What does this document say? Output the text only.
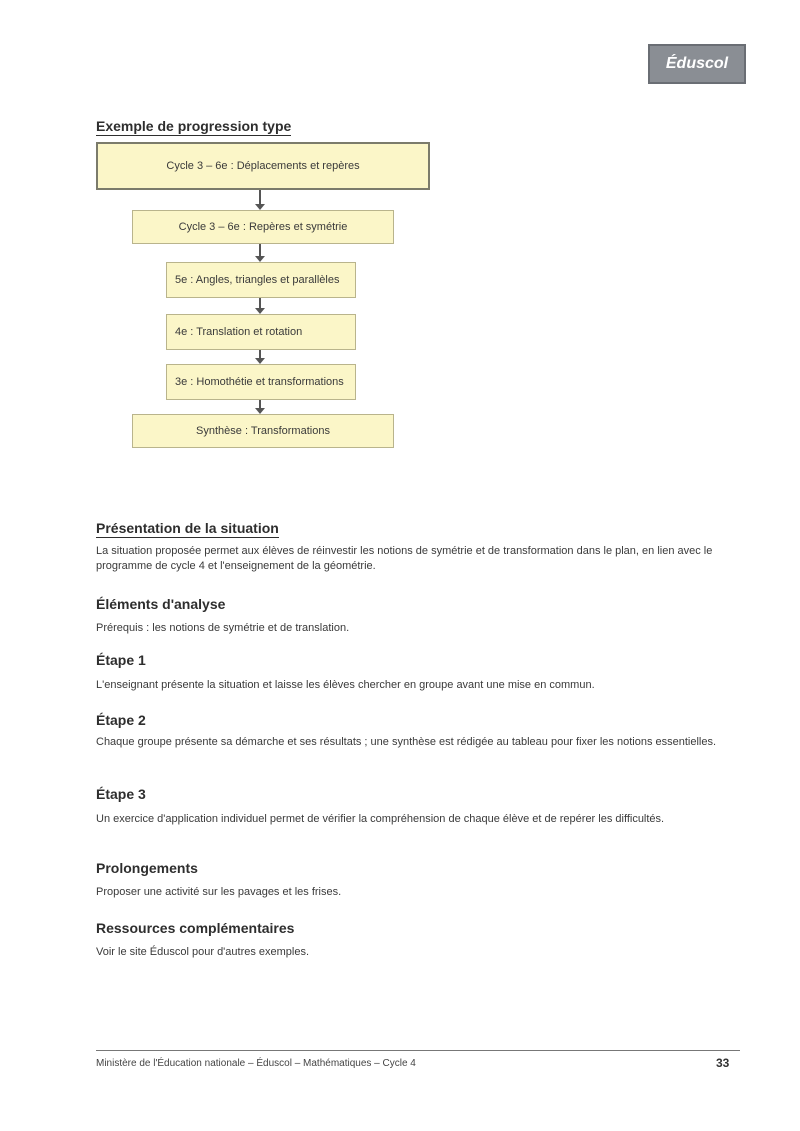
Éduscol
Exemple de progression type
Cycle 3 – 6e : Déplacements et repères
Cycle 3 – 6e : Repères et symétrie
5e : Angles, triangles et parallèles
4e : Translation et rotation
3e : Homothétie et transformations
Synthèse : Transformations
Présentation de la situation
La situation proposée permet aux élèves de réinvestir les notions de symétrie et de transformation dans le plan, en lien avec le programme de cycle 4 et l'enseignement de la géométrie.
Éléments d'analyse
Prérequis : les notions de symétrie et de translation.
Étape 1
L'enseignant présente la situation et laisse les élèves chercher en groupe avant une mise en commun.
Étape 2
Chaque groupe présente sa démarche et ses résultats ; une synthèse est rédigée au tableau pour fixer les notions essentielles.
Étape 3
Un exercice d'application individuel permet de vérifier la compréhension de chaque élève et de repérer les difficultés.
Prolongements
Proposer une activité sur les pavages et les frises.
Ressources complémentaires
Voir le site Éduscol pour d'autres exemples.
Ministère de l'Éducation nationale – Éduscol – Mathématiques – Cycle 4	33
